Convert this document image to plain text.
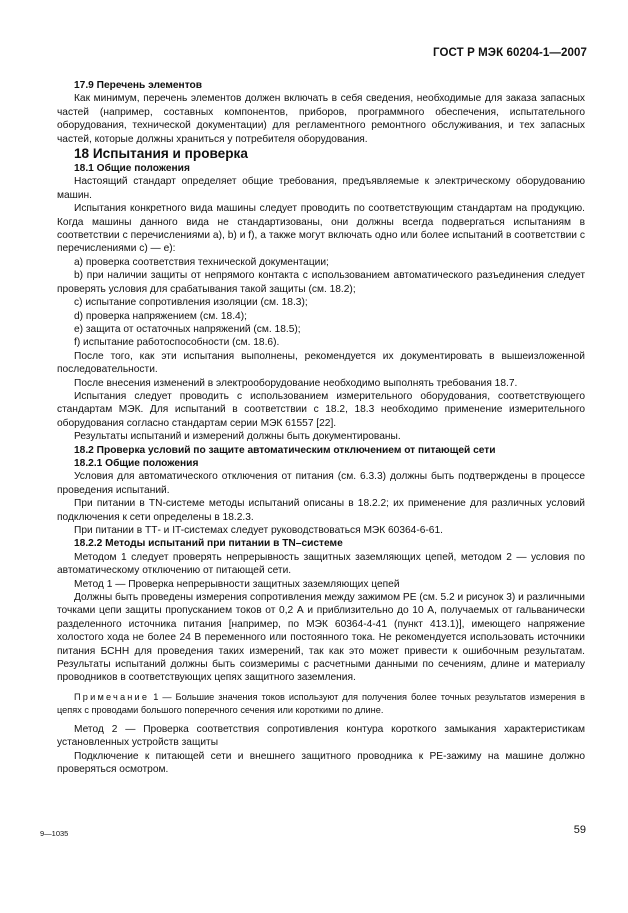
ГОСТ Р МЭК 60204-1—2007

17.9 Перечень элементов

Как минимум, перечень элементов должен включать в себя сведения, необходимые для заказа запасных частей (например, составных компонентов, приборов, программного обеспечения, испытательного оборудования, технической документации) для регламентного ремонтного обслуживания, и тех запасных частей, которые должны храниться у потребителя оборудования.

18 Испытания и проверка

18.1 Общие положения

Настоящий стандарт определяет общие требования, предъявляемые к электрическому оборудованию машин.

Испытания конкретного вида машины следует проводить по соответствующим стандартам на продукцию. Когда машины данного вида не стандартизованы, они должны всегда подвергаться испытаниям в соответствии с перечислениями а), b) и f), а также могут включать одно или более испытаний в соответствии с перечислениями c) — e):

а) проверка соответствия технической документации;

b) при наличии защиты от непрямого контакта с использованием автоматического разъединения следует проверять условия для срабатывания такой защиты (см. 18.2);

c) испытание сопротивления изоляции (см. 18.3);

d) проверка напряжением (см. 18.4);

e) защита от остаточных напряжений (см. 18.5);

f) испытание работоспособности (см. 18.6).

После того, как эти испытания выполнены, рекомендуется их документировать в вышеизложенной последовательности.

После внесения изменений в электрооборудование необходимо выполнять требования 18.7.

Испытания следует проводить с использованием измерительного оборудования, соответствующего стандартам МЭК. Для испытаний в соответствии с 18.2, 18.3 необходимо применение измерительного оборудования согласно стандартам серии МЭК 61557 [22].

Результаты испытаний и измерений должны быть документированы.

18.2 Проверка условий по защите автоматическим отключением от питающей сети

18.2.1 Общие положения

Условия для автоматического отключения от питания (см. 6.3.3) должны быть подтверждены в процессе проведения испытаний.

При питании в TN-системе методы испытаний описаны в 18.2.2; их применение для различных условий подключения к сети определены в 18.2.3.

При питании в ТТ- и IT-системах следует руководствоваться МЭК 60364-6-61.

18.2.2 Методы испытаний при питании в TN–системе

Методом 1 следует проверять непрерывность защитных заземляющих цепей, методом 2 — условия по автоматическому отключению от питающей сети.

Метод 1 — Проверка непрерывности защитных заземляющих цепей

Должны быть проведены измерения сопротивления между зажимом РЕ (см. 5.2 и рисунок 3) и различными точками цепи защиты пропусканием токов от 0,2 А и приблизительно до 10 А, получаемых от гальванически разделенного источника питания [например, по МЭК 60364-4-41 (пункт 413.1)], имеющего напряжение холостого хода не более 24 В переменного или постоянного тока. Не рекомендуется использовать источники питания БСНН для проведения таких измерений, так как это может привести к ошибочным результатам. Результаты испытаний должны быть соизмеримы с расчетными данными по сечениям, длине и материалу проводников в соответствующих цепях защитного заземления.

Примечание 1 — Большие значения токов используют для получения более точных результатов измерения в цепях с проводами большого поперечного сечения или короткими по длине.

Метод 2 — Проверка соответствия сопротивления контура короткого замыкания характеристикам установленных устройств защиты

Подключение к питающей сети и внешнего защитного проводника к РЕ-зажиму на машине должно проверяться осмотром.

9—1035	59
